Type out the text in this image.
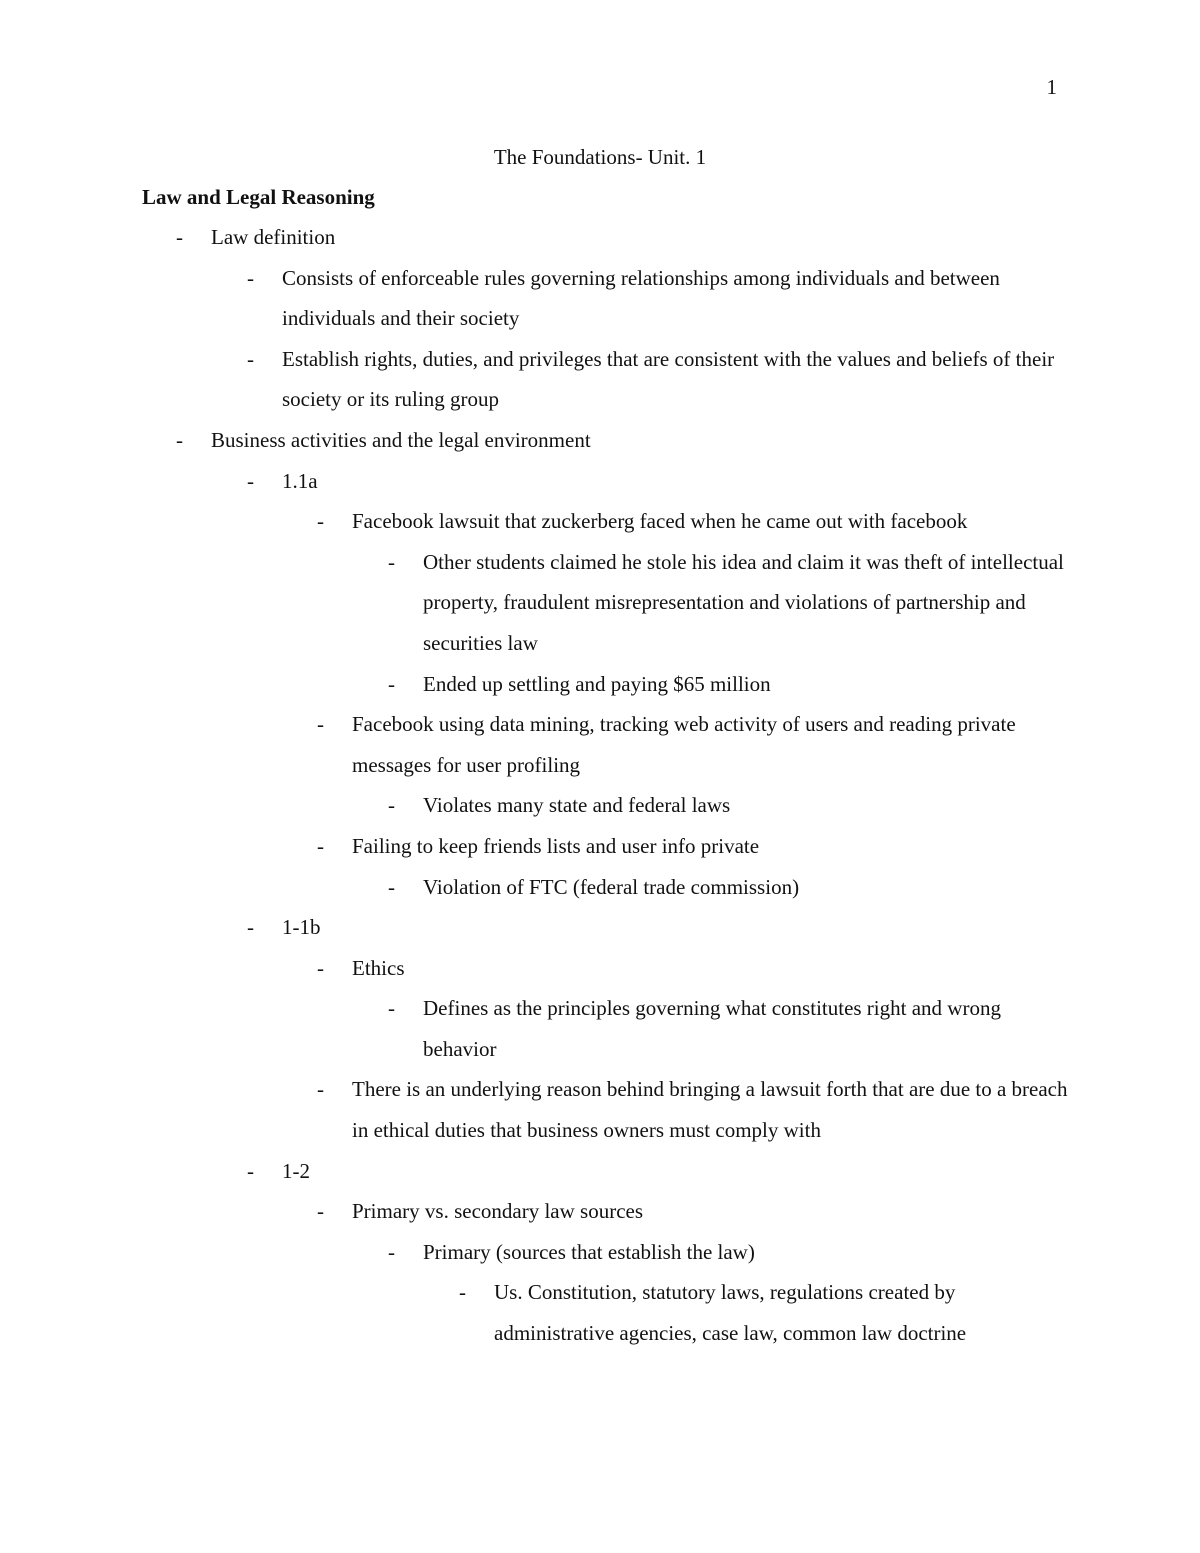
1
The Foundations- Unit. 1
Law and Legal Reasoning
- Law definition
- Consists of enforceable rules governing relationships among individuals and between individuals and their society
- Establish rights, duties, and privileges that are consistent with the values and beliefs of their society or its ruling group
- Business activities and the legal environment
- 1.1a
- Facebook lawsuit that zuckerberg faced when he came out with facebook
- Other students claimed he stole his idea and claim it was theft of intellectual property, fraudulent misrepresentation and violations of partnership and securities law
- Ended up settling and paying $65 million
- Facebook using data mining, tracking web activity of users and reading private messages for user profiling
- Violates many state and federal laws
- Failing to keep friends lists and user info private
- Violation of FTC (federal trade commission)
- 1-1b
- Ethics
- Defines as the principles governing what constitutes right and wrong behavior
- There is an underlying reason behind bringing a lawsuit forth that are due to a breach in ethical duties that business owners must comply with
- 1-2
- Primary vs. secondary law sources
- Primary (sources that establish the law)
- Us. Constitution, statutory laws, regulations created by administrative agencies, case law, common law doctrine
